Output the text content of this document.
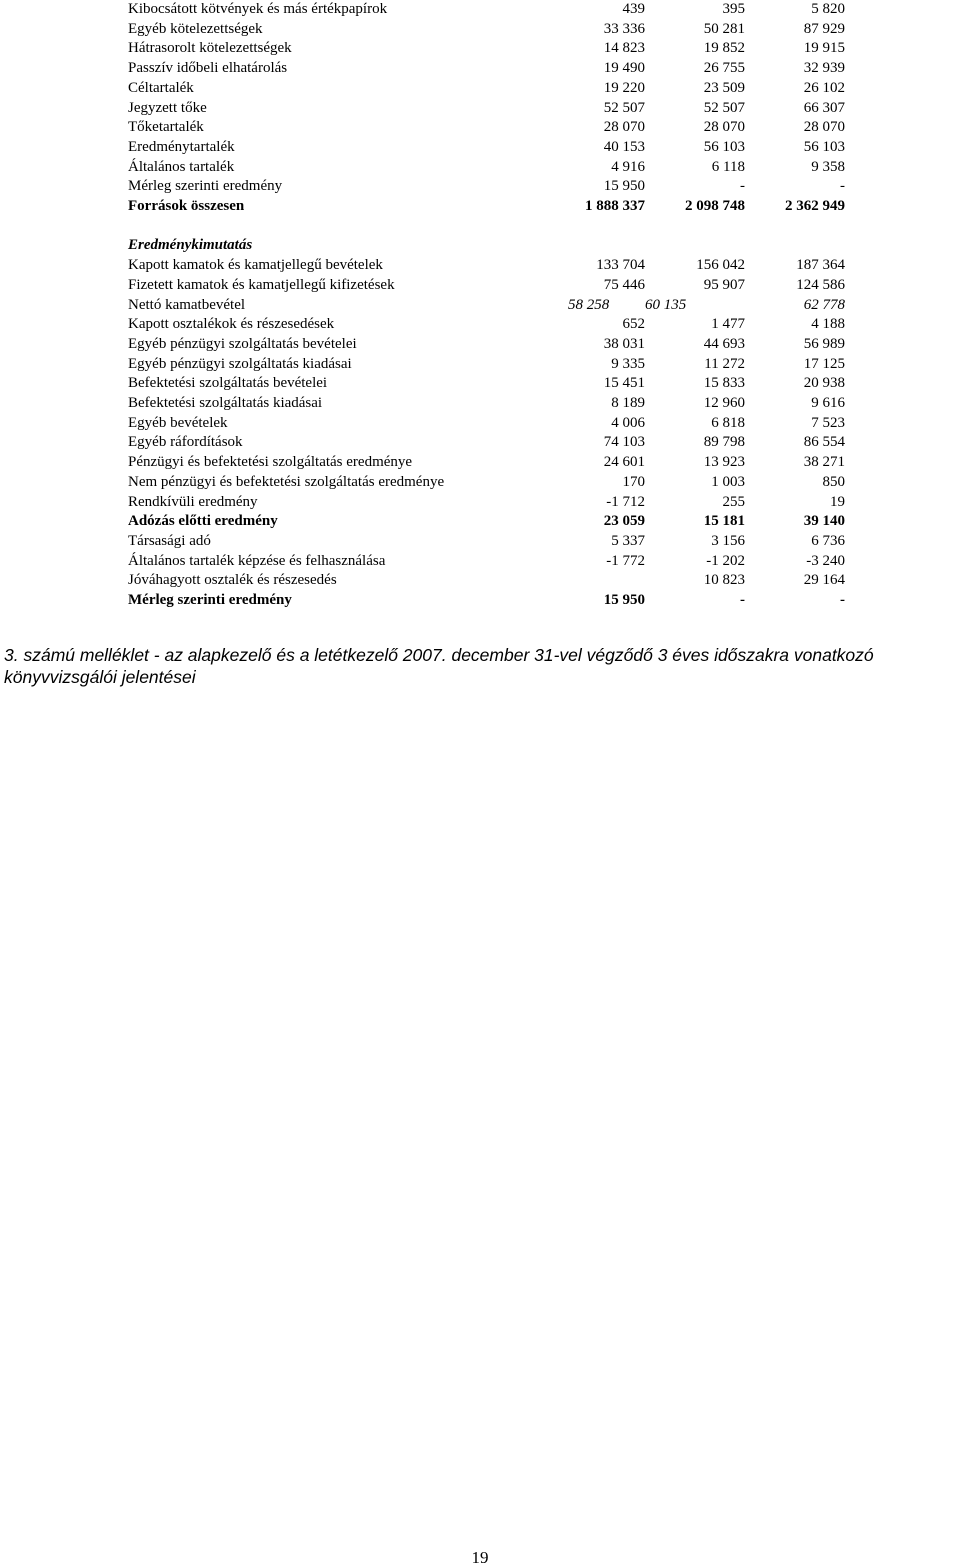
Kibocsátott kötvények és más értékpapírok	439	395	5 820
Egyéb kötelezettségek	33 336	50 281	87 929
Hátrasorolt kötelezettségek	14 823	19 852	19 915
Passzív időbeli elhatárolás	19 490	26 755	32 939
Céltartalék	19 220	23 509	26 102
Jegyzett tőke	52 507	52 507	66 307
Tőketartalék	28 070	28 070	28 070
Eredménytartalék	40 153	56 103	56 103
Általános tartalék	4 916	6 118	9 358
Mérleg szerinti eredmény	15 950	-	-
Források összesen	1 888 337	2 098 748	2 362 949

Eredménykimutatás			
Kapott kamatok és kamatjellegű bevételek	133 704	156 042	187 364
Fizetett kamatok és kamatjellegű kifizetések	75 446	95 907	124 586
Nettó kamatbevétel	58 258	60 135	62 778
Kapott osztalékok és részesedések	652	1 477	4 188
Egyéb pénzügyi szolgáltatás bevételei	38 031	44 693	56 989
Egyéb pénzügyi szolgáltatás kiadásai	9 335	11 272	17 125
Befektetési szolgáltatás bevételei	15 451	15 833	20 938
Befektetési szolgáltatás kiadásai	8 189	12 960	9 616
Egyéb bevételek	4 006	6 818	7 523
Egyéb ráfordítások	74 103	89 798	86 554
Pénzügyi és befektetési szolgáltatás eredménye	24 601	13 923	38 271
Nem pénzügyi és befektetési szolgáltatás eredménye	170	1 003	850
Rendkívüli eredmény	-1 712	255	19
Adózás előtti eredmény	23 059	15 181	39 140
Társasági adó	5 337	3 156	6 736
Általános tartalék képzése és felhasználása	-1 772	-1 202	-3 240
Jóváhagyott osztalék és részesedés		10 823	29 164
Mérleg szerinti eredmény	15 950	-	-
3. számú melléklet - az alapkezelő és a letétkezelő 2007. december 31-vel végződő 3 éves időszakra vonatkozó
könyvvizsgálói jelentései
19
